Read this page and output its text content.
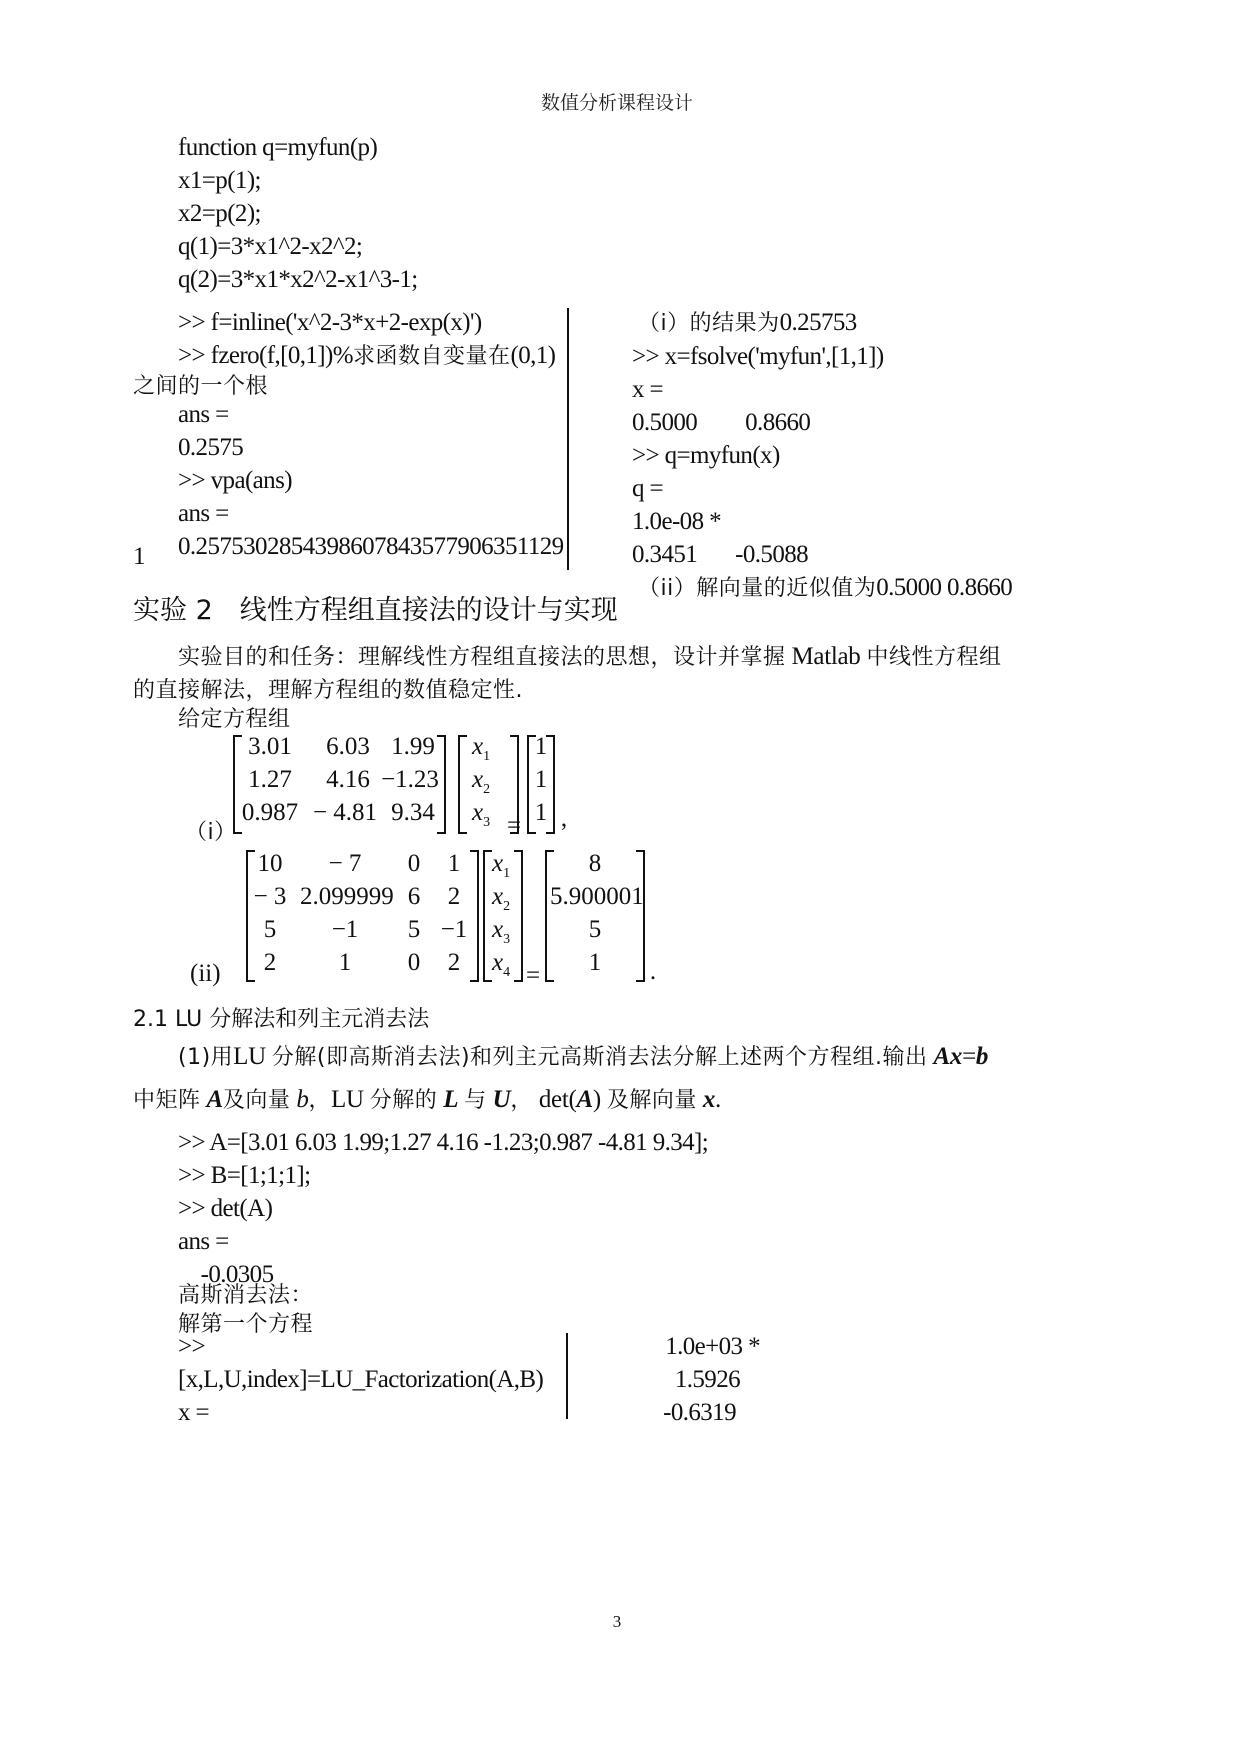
数值分析课程设计
function q=myfun(p)
x1=p(1);
x2=p(2);
q(1)=3*x1^2-x2^2;
q(2)=3*x1*x2^2-x1^3-1;
>> f=inline('x^2-3*x+2-exp(x)')
>> fzero(f,[0,1])%求函数自变量在(0,1)
之间的一个根
ans =
0.2575
>> vpa(ans)
ans =
0.2575302854398607843577906351129
1
（i）的结果为0.25753
>> x=fsolve('myfun',[1,1])
x =
0.5000 0.8660
>> q=myfun(x)
q =
1.0e-08 *
0.3451 -0.5088
（ii）解向量的近似值为0.5000 0.8660
实验 2　线性方程组直接法的设计与实现
实验目的和任务：理解线性方程组直接法的思想，设计并掌握 Matlab 中线性方程组
的直接解法，理解方程组的数值稳定性.
给定方程组
（i）
3.01	6.03 1.99
1.27	4.16 −1.23
0.987 − 4.81 9.34
$x_1$
$x_2$
$x_3$ =
1
1
1 ,
(ii)
10	− 7	0	1
− 3 2.099999 6	2
5	−1	5 −1
2	1	0	2
$x_1$
$x_2$
$x_3$
$x_4$ =
8
5.900001
5
1	.
2.1 LU 分解法和列主元消去法
(1)用LU 分解(即高斯消去法)和列主元高斯消去法分解上述两个方程组.输出 Ax=b
中矩阵 A及向量 b，LU 分解的 L 与 U， det(A) 及解向量 x.
>> A=[3.01 6.03 1.99;1.27 4.16 -1.23;0.987 -4.81 9.34];
>> B=[1;1;1];
>> det(A)
ans =
-0.0305
高斯消去法：
解第一个方程
>>
[x,L,U,index]=LU_Factorization(A,B)
x =
1.0e+03 *
1.5926
-0.6319
3
